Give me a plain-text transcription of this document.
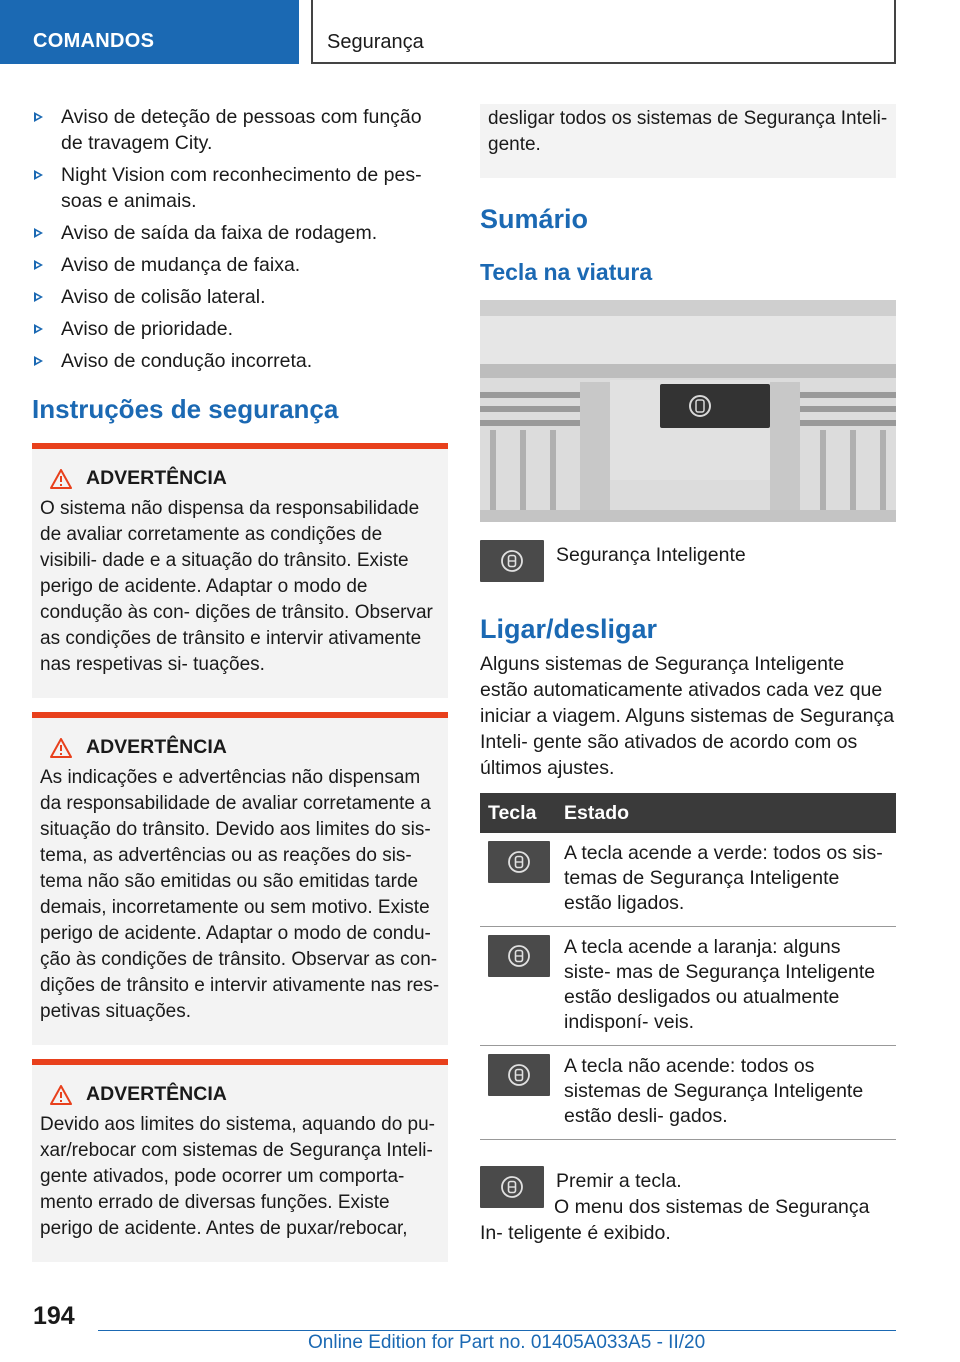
COMANDOS	Segurança
Aviso de deteção de pessoas com função de travagem City.
Night Vision com reconhecimento de pes- soas e animais.
Aviso de saída da faixa de rodagem.
Aviso de mudança de faixa.
Aviso de colisão lateral.
Aviso de prioridade.
Aviso de condução incorreta.
Instruções de segurança
ADVERTÊNCIA

O sistema não dispensa da responsabilidade de avaliar corretamente as condições de visibili- dade e a situação do trânsito. Existe perigo de acidente. Adaptar o modo de condução às con- dições de trânsito. Observar as condições de trânsito e intervir ativamente nas respetivas si- tuações.

ADVERTÊNCIA

As indicações e advertências não dispensam da responsabilidade de avaliar corretamente a situação do trânsito. Devido aos limites do sis- tema, as advertências ou as reações do sis- tema não são emitidas ou são emitidas tarde demais, incorretamente ou sem motivo. Existe perigo de acidente. Adaptar o modo de condu- ção às condições de trânsito. Observar as con- dições de trânsito e intervir ativamente nas res- petivas situações.

ADVERTÊNCIA

Devido aos limites do sistema, aquando do pu- xar/rebocar com sistemas de Segurança Inteli- gente ativados, pode ocorrer um comporta- mento errado de diversas funções. Existe perigo de acidente. Antes de puxar/rebocar,

desligar todos os sistemas de Segurança Inteli- gente.
Sumário
Tecla na viatura
Segurança Inteligente
Ligar/desligar

Alguns sistemas de Segurança Inteligente estão automaticamente ativados cada vez que iniciar a viagem. Alguns sistemas de Segurança Inteli- gente são ativados de acordo com os últimos ajustes.

Tecla	Estado

	A tecla acende a verde: todos os sis- temas de Segurança Inteligente estão ligados.

	A tecla acende a laranja: alguns siste- mas de Segurança Inteligente estão desligados ou atualmente indisponí- veis.

	A tecla não acende: todos os sistemas de Segurança Inteligente estão desli- gados.
Premir a tecla.

O menu dos sistemas de Segurança In- teligente é exibido.

194
Online Edition for Part no. 01405A033A5 - II/20
